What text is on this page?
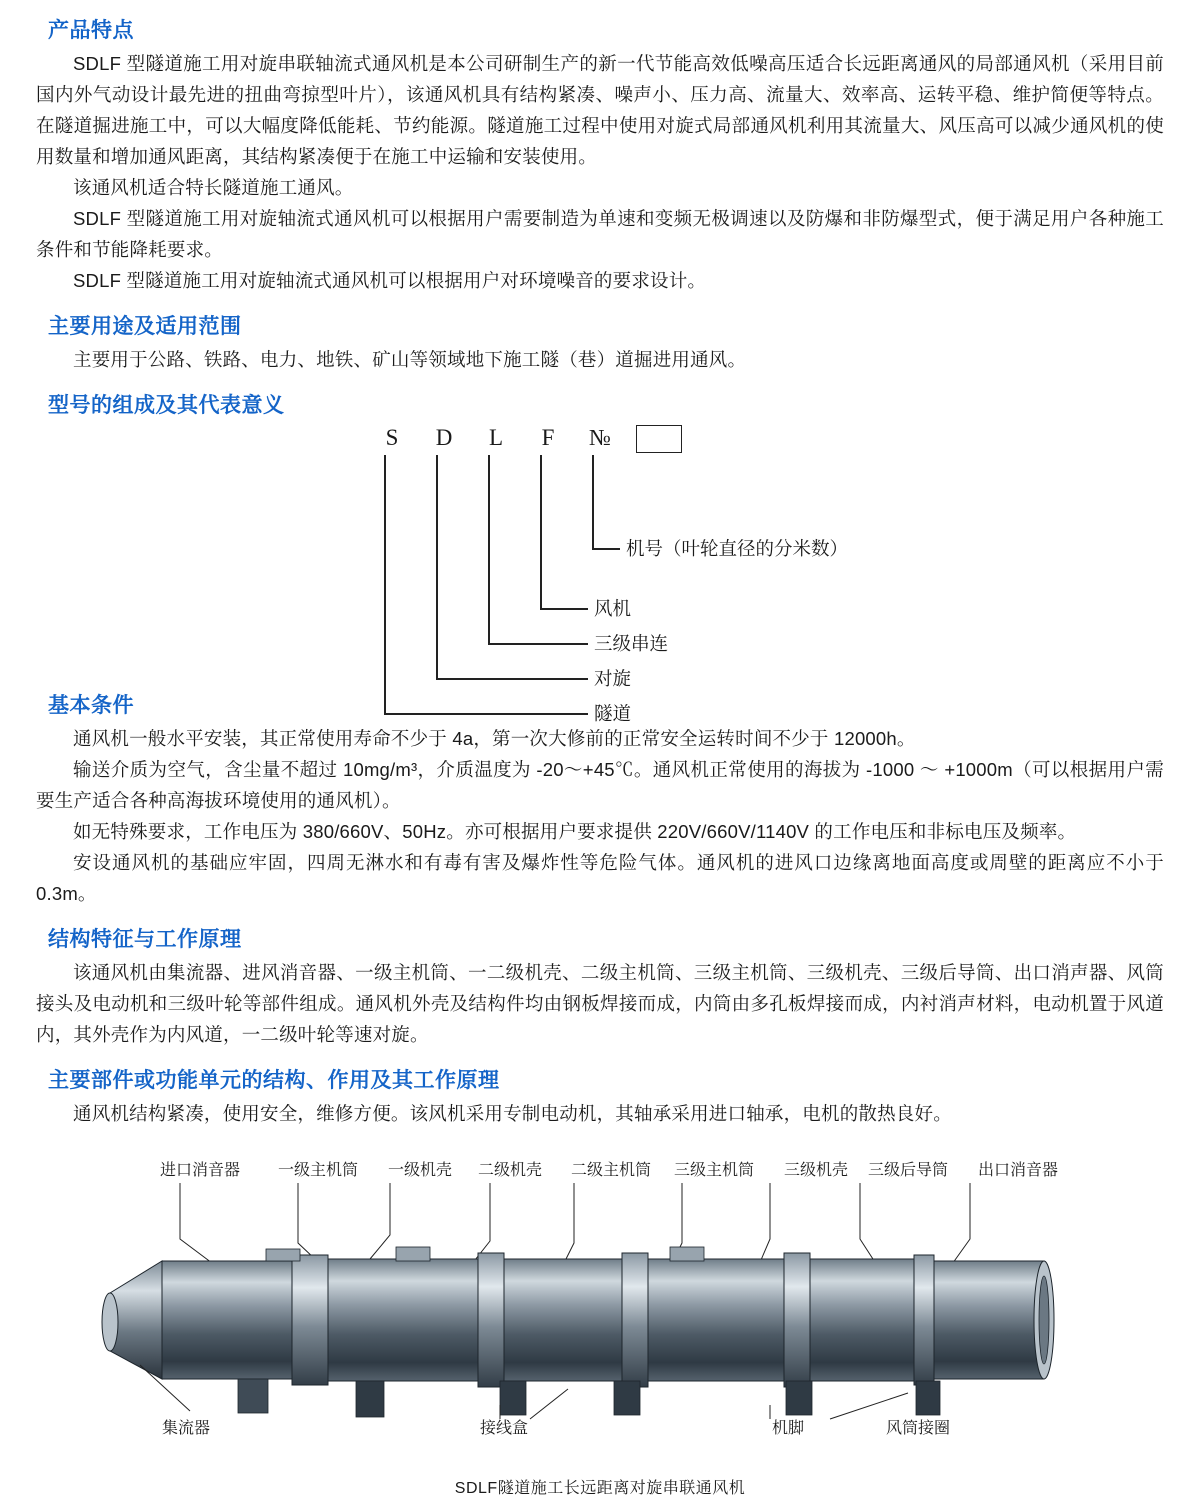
产品特点

SDLF 型隧道施工用对旋串联轴流式通风机是本公司研制生产的新一代节能高效低噪高压适合长远距离通风的局部通风机（采用目前国内外气动设计最先进的扭曲弯掠型叶片），该通风机具有结构紧凑、噪声小、压力高、流量大、效率高、运转平稳、维护简便等特点。在隧道掘进施工中，可以大幅度降低能耗、节约能源。隧道施工过程中使用对旋式局部通风机利用其流量大、风压高可以减少通风机的使用数量和增加通风距离，其结构紧凑便于在施工中运输和安装使用。

该通风机适合特长隧道施工通风。

SDLF 型隧道施工用对旋轴流式通风机可以根据用户需要制造为单速和变频无极调速以及防爆和非防爆型式，便于满足用户各种施工条件和节能降耗要求。

SDLF 型隧道施工用对旋轴流式通风机可以根据用户对环境噪音的要求设计。

主要用途及适用范围

主要用于公路、铁路、电力、地铁、矿山等领域地下施工隧（巷）道掘进用通风。

型号的组成及其代表意义
S	D	L	F	№
机号（叶轮直径的分米数）
风机
三级串连
对旋
隧道
基本条件

通风机一般水平安装，其正常使用寿命不少于 4a，第一次大修前的正常安全运转时间不少于 12000h。

输送介质为空气，含尘量不超过 10mg/m³，介质温度为 -20～+45℃。通风机正常使用的海拔为 -1000 ～ +1000m（可以根据用户需要生产适合各种高海拔环境使用的通风机）。

如无特殊要求，工作电压为 380/660V、50Hz。亦可根据用户要求提供 220V/660V/1140V 的工作电压和非标电压及频率。

安设通风机的基础应牢固，四周无淋水和有毒有害及爆炸性等危险气体。通风机的进风口边缘离地面高度或周壁的距离应不小于 0.3m。

结构特征与工作原理

该通风机由集流器、进风消音器、一级主机筒、一二级机壳、二级主机筒、三级主机筒、三级机壳、三级后导筒、出口消声器、风筒接头及电动机和三级叶轮等部件组成。通风机外壳及结构件均由钢板焊接而成，内筒由多孔板焊接而成，内衬消声材料，电动机置于风道内，其外壳作为内风道，一二级叶轮等速对旋。

主要部件或功能单元的结构、作用及其工作原理

通风机结构紧凑，使用安全，维修方便。该风机采用专制电动机，其轴承采用进口轴承，电机的散热良好。

进口消音器 一级主机筒 一级机壳 二级机壳 二级主机筒 三级主机筒 三级机壳 三级后导筒 出口消音器
集流器	接线盒	机脚	风筒接圈
SDLF隧道施工长远距离对旋串联通风机
